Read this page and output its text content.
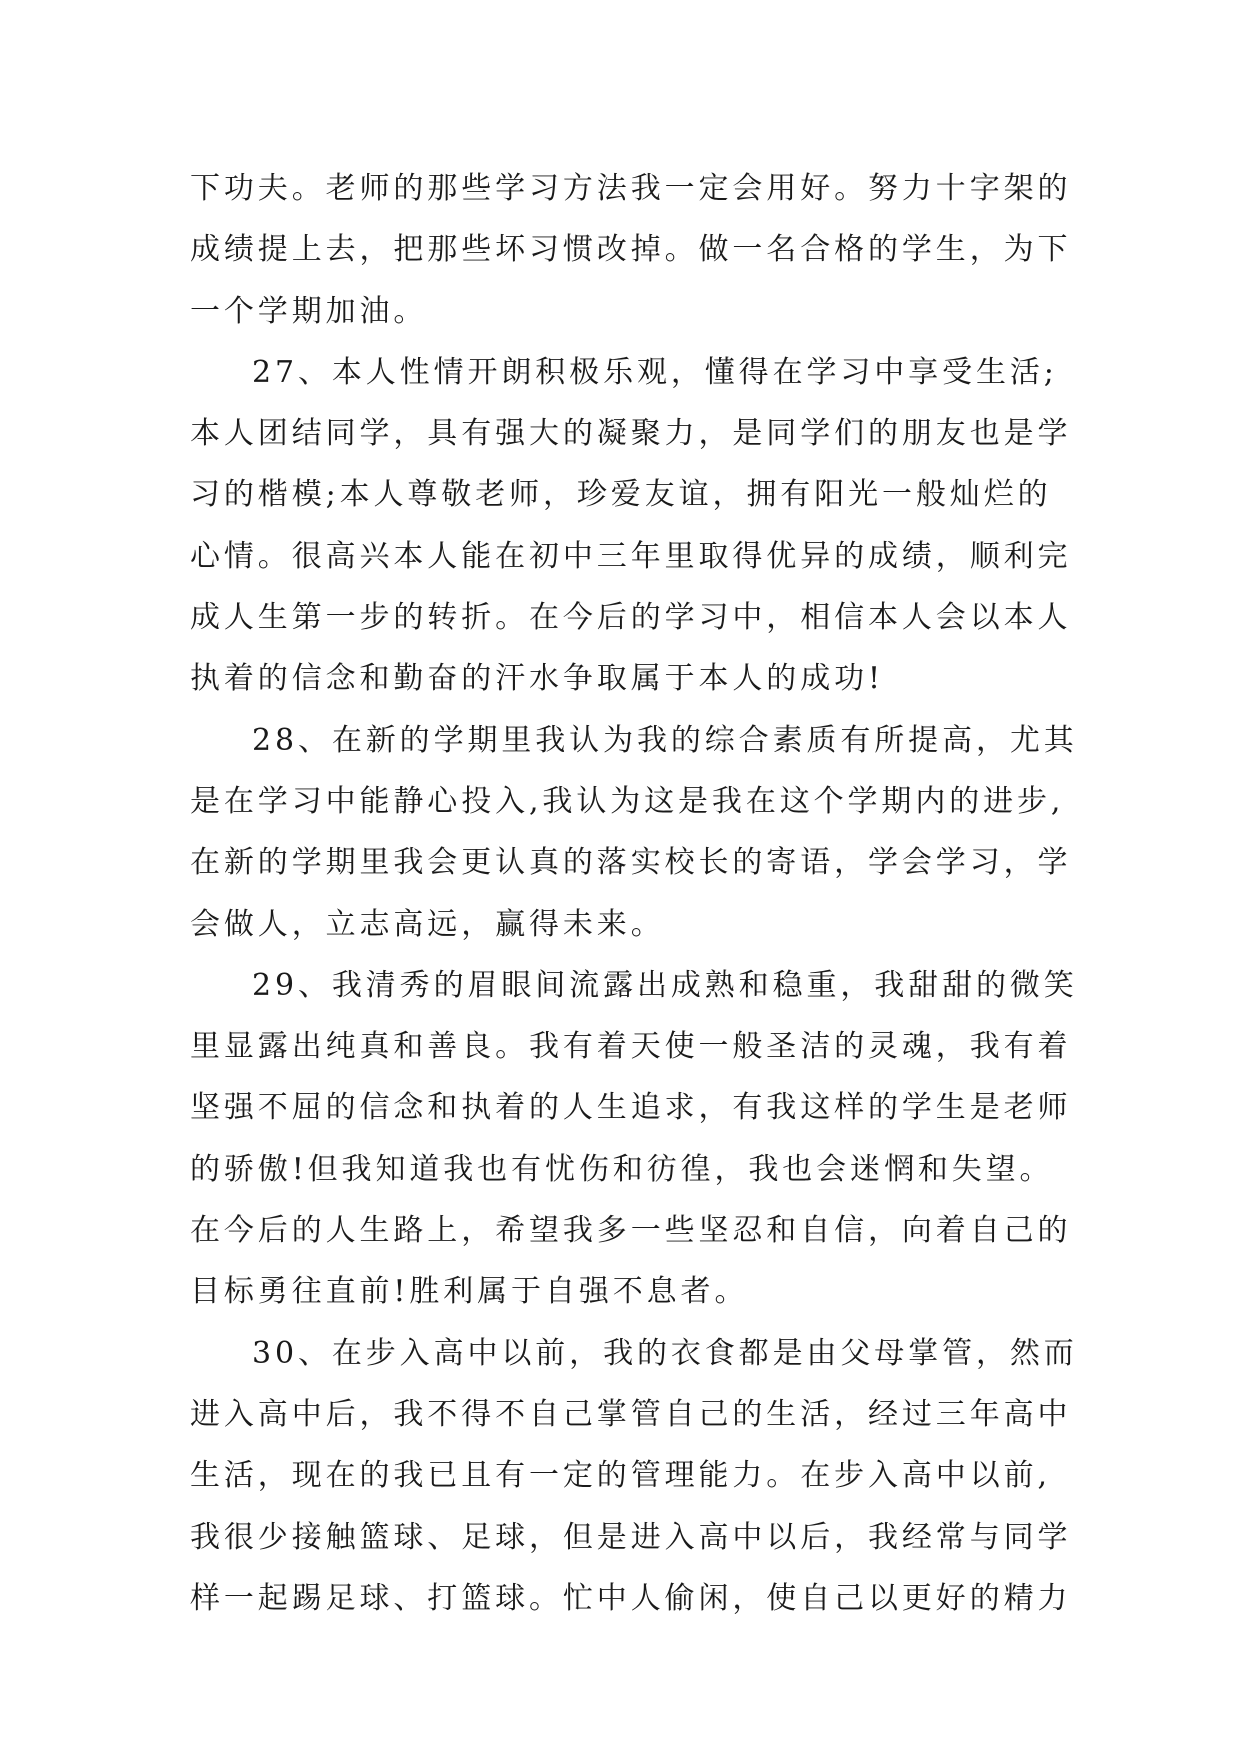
下功夫。老师的那些学习方法我一定会用好。努力十字架的
成绩提上去，把那些坏习惯改掉。做一名合格的学生，为下
一个学期加油。
27、本人性情开朗积极乐观，懂得在学习中享受生活;
本人团结同学，具有强大的凝聚力，是同学们的朋友也是学
习的楷模;本人尊敬老师，珍爱友谊，拥有阳光一般灿烂的
心情。很高兴本人能在初中三年里取得优异的成绩，顺利完
成人生第一步的转折。在今后的学习中，相信本人会以本人
执着的信念和勤奋的汗水争取属于本人的成功!
28、在新的学期里我认为我的综合素质有所提高，尤其
是在学习中能静心投入,我认为这是我在这个学期内的进步,
在新的学期里我会更认真的落实校长的寄语，学会学习，学
会做人，立志高远，赢得未来。
29、我清秀的眉眼间流露出成熟和稳重，我甜甜的微笑
里显露出纯真和善良。我有着天使一般圣洁的灵魂，我有着
坚强不屈的信念和执着的人生追求，有我这样的学生是老师
的骄傲!但我知道我也有忧伤和彷徨，我也会迷惘和失望。
在今后的人生路上，希望我多一些坚忍和自信，向着自己的
目标勇往直前!胜利属于自强不息者。
30、在步入高中以前，我的衣食都是由父母掌管，然而
进入高中后，我不得不自己掌管自己的生活，经过三年高中
生活，现在的我已且有一定的管理能力。在步入高中以前,
我很少接触篮球、足球，但是进入高中以后，我经常与同学
样一起踢足球、打篮球。忙中人偷闲，使自己以更好的精力
